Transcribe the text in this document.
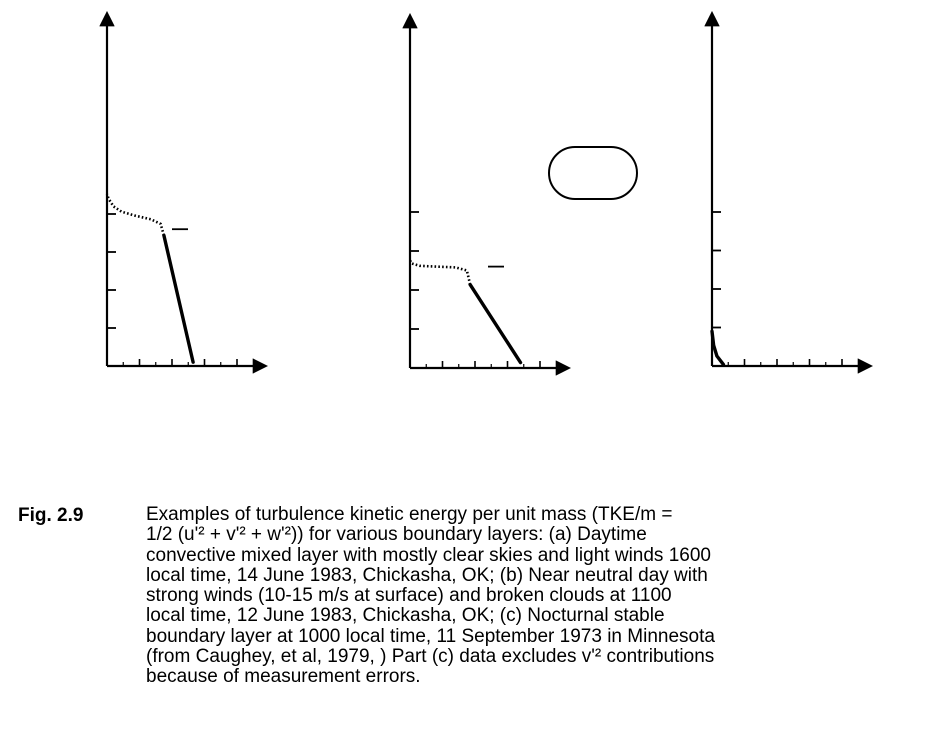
Fig. 2.9	Examples of turbulence kinetic energy per unit mass (TKE/m =
1/2 (u'² + v'² + w'²)) for various boundary layers: (a) Daytime
convective mixed layer with mostly clear skies and light winds 1600
local time, 14 June 1983, Chickasha, OK; (b) Near neutral day with
strong winds (10-15 m/s at surface) and broken clouds at 1100
local time, 12 June 1983, Chickasha, OK; (c) Nocturnal stable
boundary layer at 1000 local time, 11 September 1973 in Minnesota
(from Caughey, et al, 1979, ) Part (c) data excludes v'² contributions
because of measurement errors.
